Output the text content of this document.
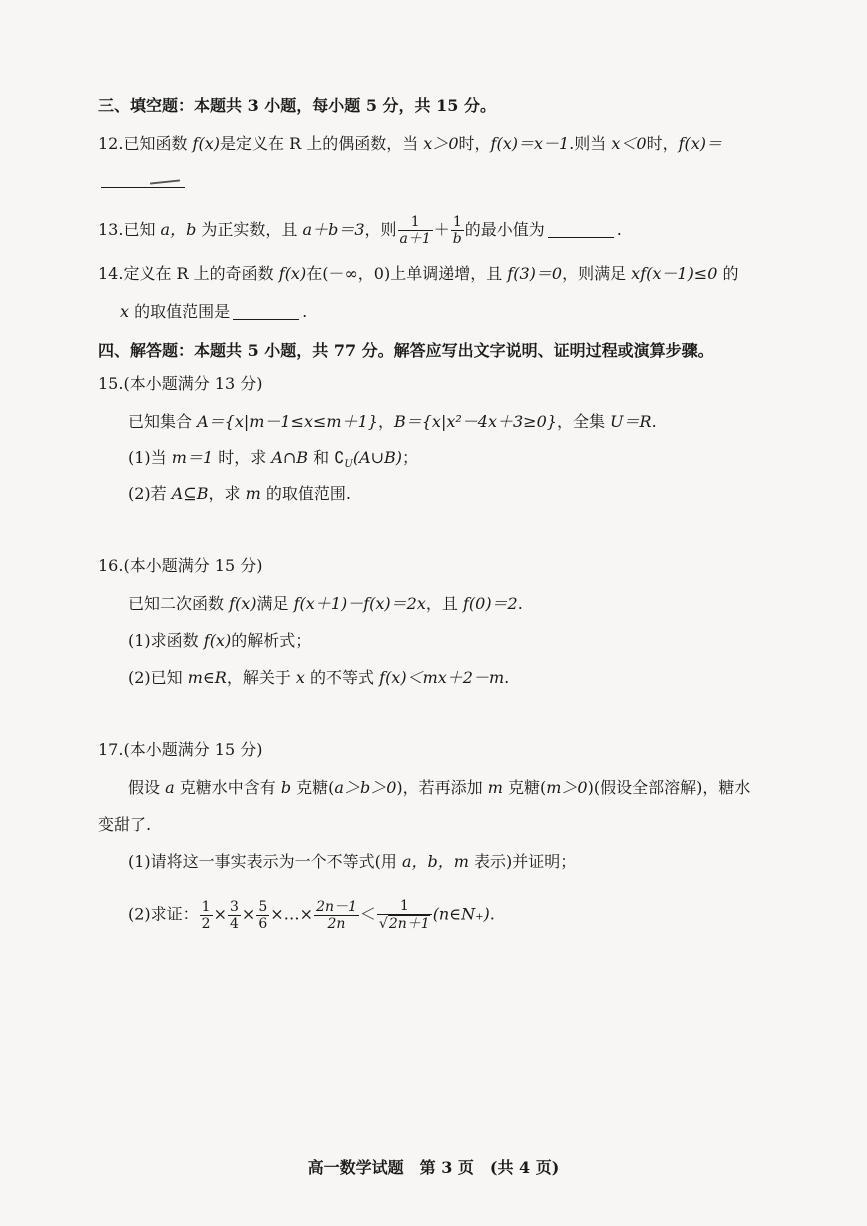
三、填空题：本题共 3 小题，每小题 5 分，共 15 分。
12.已知函数 f(x)是定义在 R 上的偶函数，当 x＞0时，f(x)＝x－1.则当 x＜0时，f(x)＝
13.已知 a，b 为正实数，且 a＋b＝3，则 $\frac{1}{a+1} + \frac{1}{b}$ 的最小值为	.
14.定义在 R 上的奇函数 f(x)在(－∞，0)上单调递增，且 f(3)＝0，则满足 xf(x－1)≤0 的
x 的取值范围是	.
四、解答题：本题共 5 小题，共 77 分。解答应写出文字说明、证明过程或演算步骤。
15.(本小题满分 13 分)
已知集合 A＝{x|m－1≤x≤m＋1}，B＝{x|x²－4x＋3≥0}，全集 U＝R.
(1)当 m＝1 时，求 A∩B 和 $∁_U(A\cup B)$；
(2)若 A⊆B，求 m 的取值范围.
16.(本小题满分 15 分)
已知二次函数 f(x)满足 f(x＋1)－f(x)＝2x，且 f(0)＝2.
(1)求函数 f(x)的解析式；
(2)已知 m∈R，解关于 x 的不等式 f(x)＜mx＋2－m.
17.(本小题满分 15 分)
假设 a 克糖水中含有 b 克糖(a＞b＞0)，若再添加 m 克糖(m＞0)(假设全部溶解)，糖水
变甜了.
(1)请将这一事实表示为一个不等式(用 a，b，m 表示)并证明；
(2)求证： $\frac{1}{2} \times \frac{3}{4} \times \frac{5}{6}$ ×…× $\frac{2n-1}{2n} < \frac{1}{√2n+1}$ (n∈N₊).
高一数学试题　第 3 页　(共 4 页)
